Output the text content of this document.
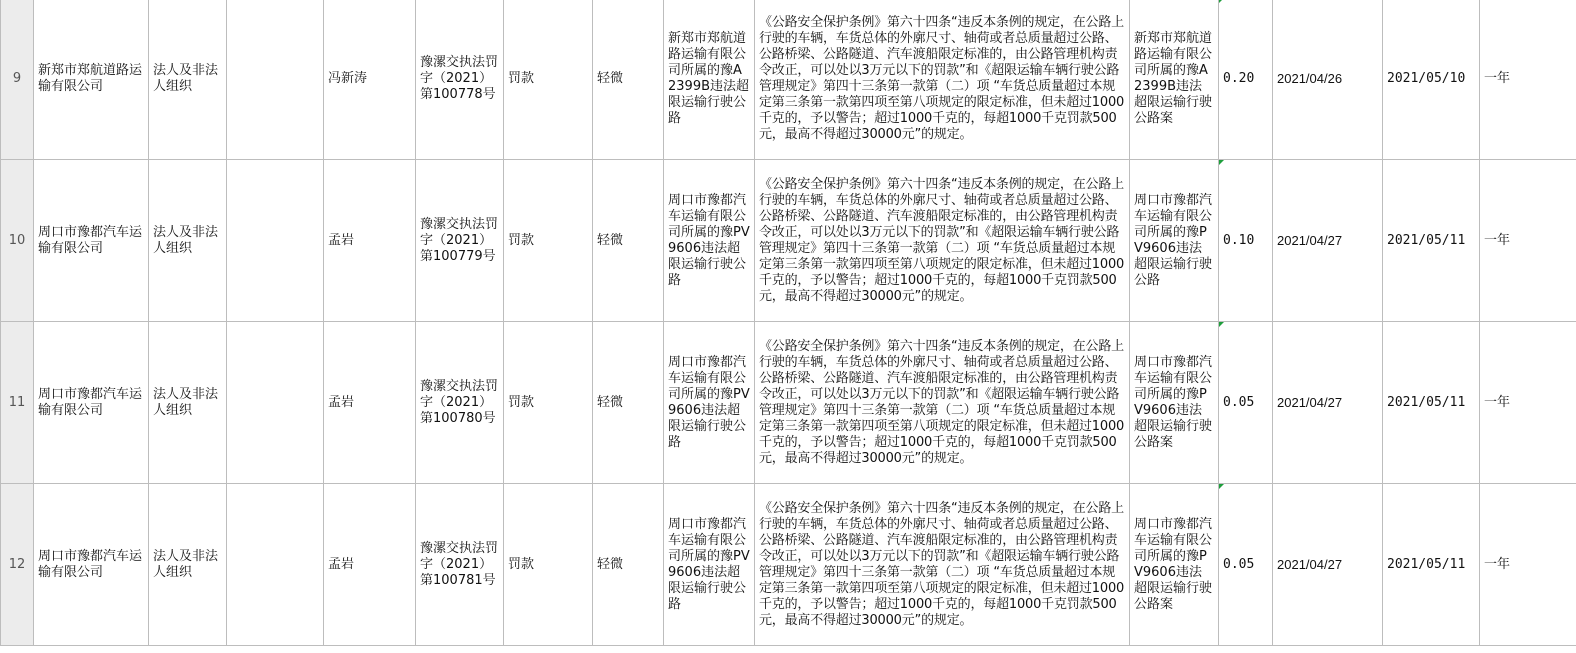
9	新郑市郑航道路运输有限公司	法人及非法人组织		冯新涛	豫漯交执法罚字（2021）第100778号	罚款	轻微	新郑市郑航道路运输有限公司所属的豫A2399B违法超限运输行驶公路	《公路安全保护条例》第六十四条“违反本条例的规定，在公路上行驶的车辆，车货总体的外廓尺寸、轴荷或者总质量超过公路、公路桥梁、公路隧道、汽车渡船限定标准的，由公路管理机构责令改正，可以处以3万元以下的罚款”和《超限运输车辆行驶公路管理规定》第四十三条第一款第（二）项 “车货总质量超过本规定第三条第一款第四项至第八项规定的限定标准，但未超过1000千克的，予以警告；超过1000千克的，每超1000千克罚款500元，最高不得超过30000元”的规定。	新郑市郑航道路运输有限公司所属的豫A2399B违法超限运输行驶公路案	0.20	2021/04/26	2021/05/10	一年
10	周口市豫都汽车运输有限公司	法人及非法人组织		孟岩	豫漯交执法罚字（2021）第100779号	罚款	轻微	周口市豫都汽车运输有限公司所属的豫PV9606违法超限运输行驶公路	《公路安全保护条例》第六十四条“违反本条例的规定，在公路上行驶的车辆，车货总体的外廓尺寸、轴荷或者总质量超过公路、公路桥梁、公路隧道、汽车渡船限定标准的，由公路管理机构责令改正，可以处以3万元以下的罚款”和《超限运输车辆行驶公路管理规定》第四十三条第一款第（二）项 “车货总质量超过本规定第三条第一款第四项至第八项规定的限定标准，但未超过1000千克的，予以警告；超过1000千克的，每超1000千克罚款500元，最高不得超过30000元”的规定。	周口市豫都汽车运输有限公司所属的豫PV9606违法超限运输行驶公路	0.10	2021/04/27	2021/05/11	一年
11	周口市豫都汽车运输有限公司	法人及非法人组织		孟岩	豫漯交执法罚字（2021）第100780号	罚款	轻微	周口市豫都汽车运输有限公司所属的豫PV9606违法超限运输行驶公路	《公路安全保护条例》第六十四条“违反本条例的规定，在公路上行驶的车辆，车货总体的外廓尺寸、轴荷或者总质量超过公路、公路桥梁、公路隧道、汽车渡船限定标准的，由公路管理机构责令改正，可以处以3万元以下的罚款”和《超限运输车辆行驶公路管理规定》第四十三条第一款第（二）项 “车货总质量超过本规定第三条第一款第四项至第八项规定的限定标准，但未超过1000千克的，予以警告；超过1000千克的，每超1000千克罚款500元，最高不得超过30000元”的规定。	周口市豫都汽车运输有限公司所属的豫PV9606违法超限运输行驶公路案	0.05	2021/04/27	2021/05/11	一年
12	周口市豫都汽车运输有限公司	法人及非法人组织		孟岩	豫漯交执法罚字（2021）第100781号	罚款	轻微	周口市豫都汽车运输有限公司所属的豫PV9606违法超限运输行驶公路	《公路安全保护条例》第六十四条“违反本条例的规定，在公路上行驶的车辆，车货总体的外廓尺寸、轴荷或者总质量超过公路、公路桥梁、公路隧道、汽车渡船限定标准的，由公路管理机构责令改正，可以处以3万元以下的罚款”和《超限运输车辆行驶公路管理规定》第四十三条第一款第（二）项 “车货总质量超过本规定第三条第一款第四项至第八项规定的限定标准，但未超过1000千克的，予以警告；超过1000千克的，每超1000千克罚款500元，最高不得超过30000元”的规定。	周口市豫都汽车运输有限公司所属的豫PV9606违法超限运输行驶公路案	0.05	2021/04/27	2021/05/11	一年
